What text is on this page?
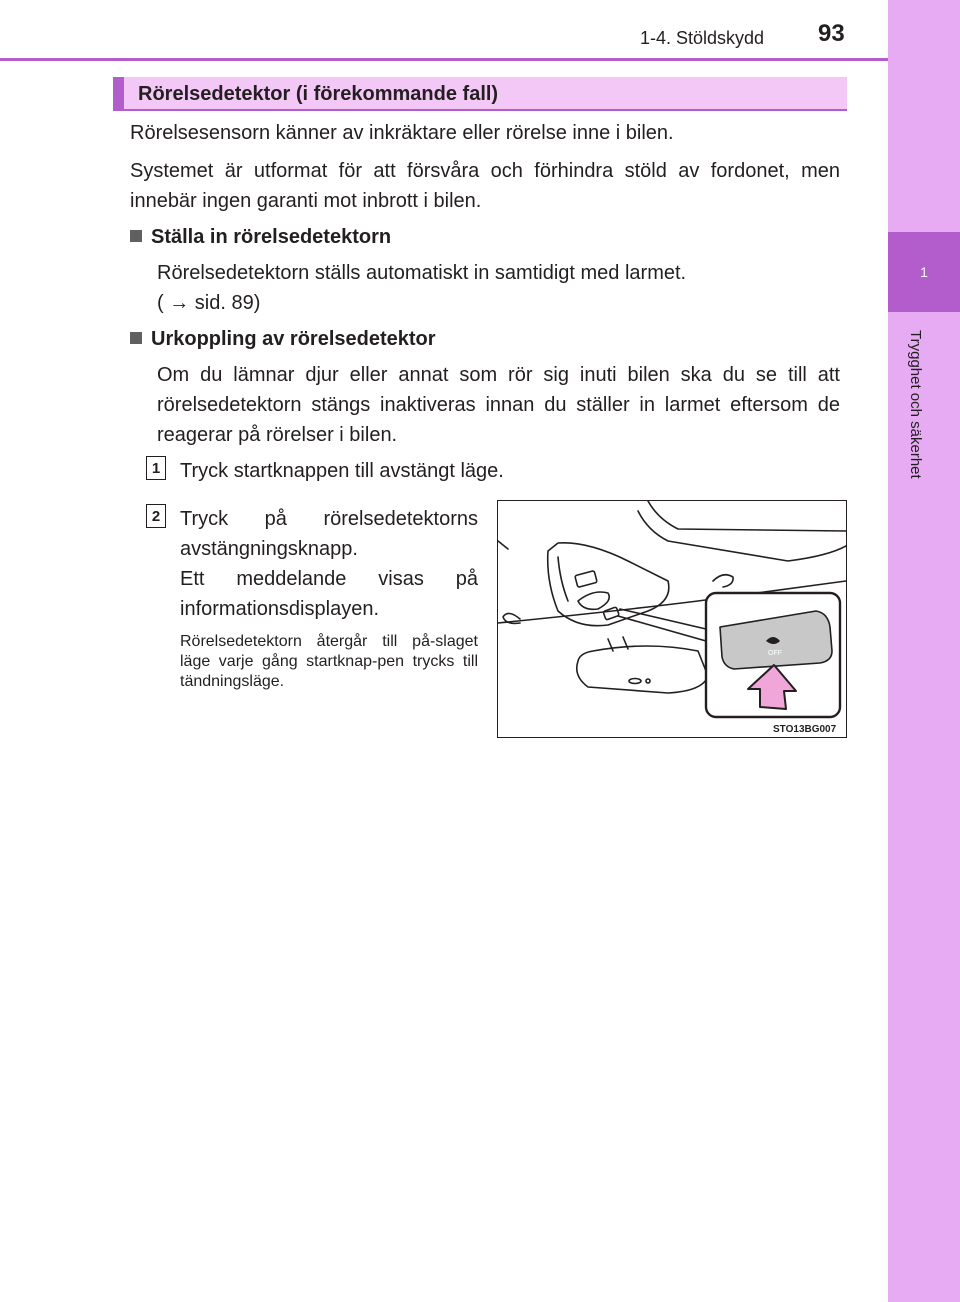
1
Trygghet och säkerhet
1-4. Stöldskydd 93
Rörelsedetektor (i förekommande fall)
Rörelsesensorn känner av inkräktare eller rörelse inne i bilen.
Systemet är utformat för att försvåra och förhindra stöld av fordonet, men innebär ingen garanti mot inbrott i bilen.
Ställa in rörelsedetektorn
Rörelsedetektorn ställs automatiskt in samtidigt med larmet.
( → sid. 89)
Urkoppling av rörelsedetektor
Om du lämnar djur eller annat som rör sig inuti bilen ska du se till att rörelsedetektorn stängs inaktiveras innan du ställer in larmet eftersom de reagerar på rörelser i bilen.
1 Tryck startknappen till avstängt läge.
2 Tryck på rörelsedetektorns avstängningsknapp.
Ett meddelande visas på informationsdisplayen.
Rörelsedetektorn återgår till på-slaget läge varje gång startknap-pen trycks till tändningsläge.
OFF
STO13BG007
